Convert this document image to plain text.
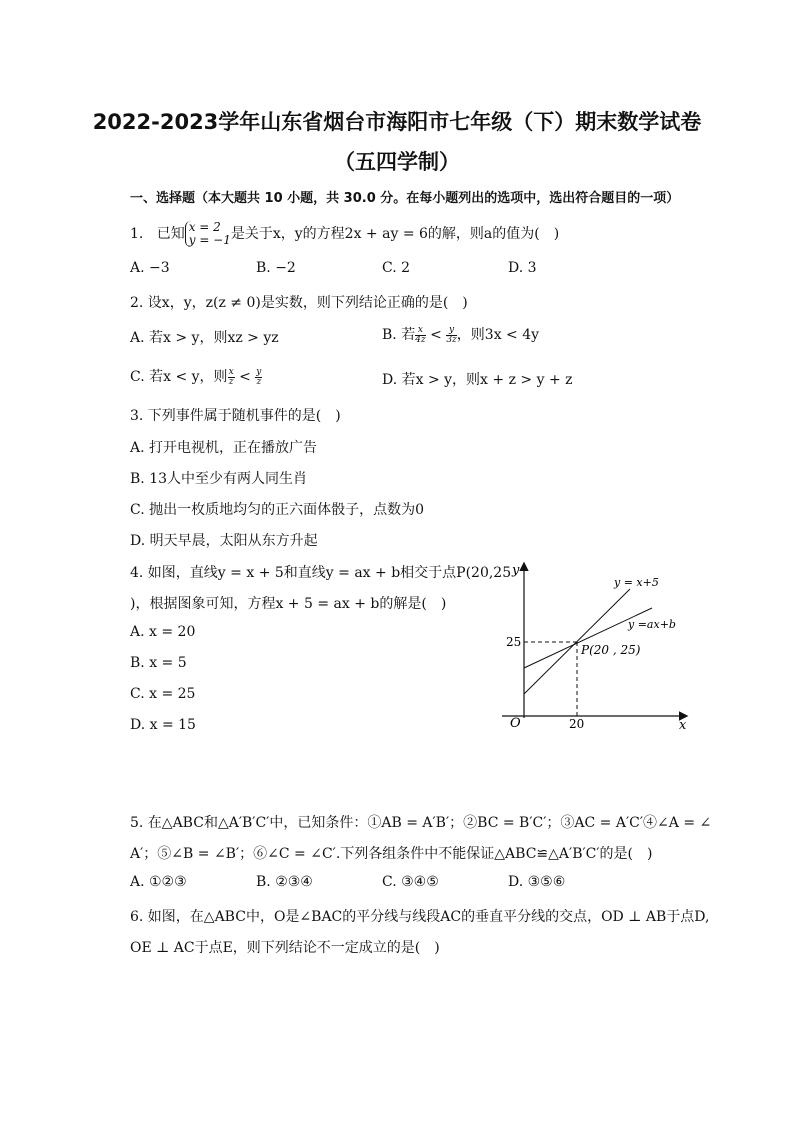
2022-2023学年山东省烟台市海阳市七年级（下）期末数学试卷
（五四学制）
一、选择题（本大题共 10 小题，共 30.0 分。在每小题列出的选项中，选出符合题目的一项）
1. 已知 x = 2
y = −1 是关于x，y的方程2x + ay = 6的解，则a的值为(　)
A. −3	B. −2	C. 2	D. 3
2. 设x，y，z(z ≠ 0)是实数，则下列结论正确的是(　)
A. 若x > y，则xz > yz	B. 若 $\frac{x}{4z} < \frac{y}{3z}$ ，则3x < 4y
C. 若x < y，则 $\frac{x}{z} < \frac{y}{z}$	D. 若x > y，则x + z > y + z
3. 下列事件属于随机事件的是(　)
A. 打开电视机，正在播放广告
B. 13人中至少有两人同生肖
C. 抛出一枚质地均匀的正六面体骰子，点数为0
D. 明天早晨，太阳从东方升起
4. 如图，直线y = x + 5和直线y = ax + b相交于点P(20,25
)，根据图象可知，方程x + 5 = ax + b的解是(　)
A. x = 20
B. x = 5
C. x = 25
D. x = 15
y
x
O	20
25
y = x+5
y =ax+b
P(20 , 25)
5. 在△ABC和△A′B′C′中，已知条件：①AB = A′B′；②BC = B′C′；③AC = A′C′④∠A = ∠
A′；⑤∠B = ∠B′；⑥∠C = ∠C′.下列各组条件中不能保证△ABC≌△A′B′C′的是(　)
A. ①②③	B. ②③④	C. ③④⑤	D. ③⑤⑥
6. 如图，在△ABC中，O是∠BAC的平分线与线段AC的垂直平分线的交点，OD ⊥ AB于点D,
OE ⊥ AC于点E，则下列结论不一定成立的是(　)
